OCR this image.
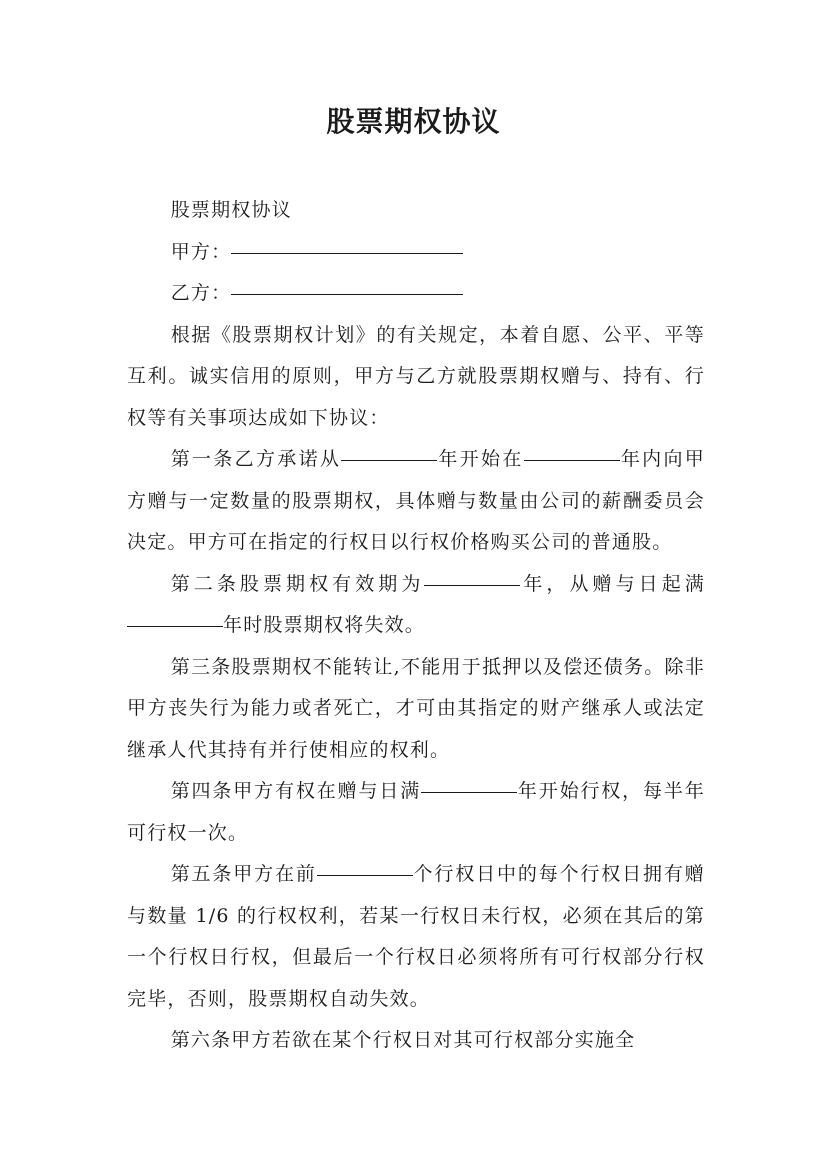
股票期权协议

股票期权协议

甲方：

乙方：

根据《股票期权计划》的有关规定，本着自愿、公平、平等互利。诚实信用的原则，甲方与乙方就股票期权赠与、持有、行权等有关事项达成如下协议：

第一条乙方承诺从	年开始在	年内向甲方赠与一定数量的股票期权，具体赠与数量由公司的薪酬委员会决定。甲方可在指定的行权日以行权价格购买公司的普通股。

第二条股票期权有效期为	年，从赠与日起满年时股票期权将失效。

第三条股票期权不能转让,不能用于抵押以及偿还债务。除非甲方丧失行为能力或者死亡，才可由其指定的财产继承人或法定继承人代其持有并行使相应的权利。

第四条甲方有权在赠与日满	年开始行权，每半年可行权一次。

第五条甲方在前	个行权日中的每个行权日拥有赠与数量 1/6 的行权权利，若某一行权日未行权，必须在其后的第一个行权日行权，但最后一个行权日必须将所有可行权部分行权完毕，否则，股票期权自动失效。

第六条甲方若欲在某个行权日对其可行权部分实施全
